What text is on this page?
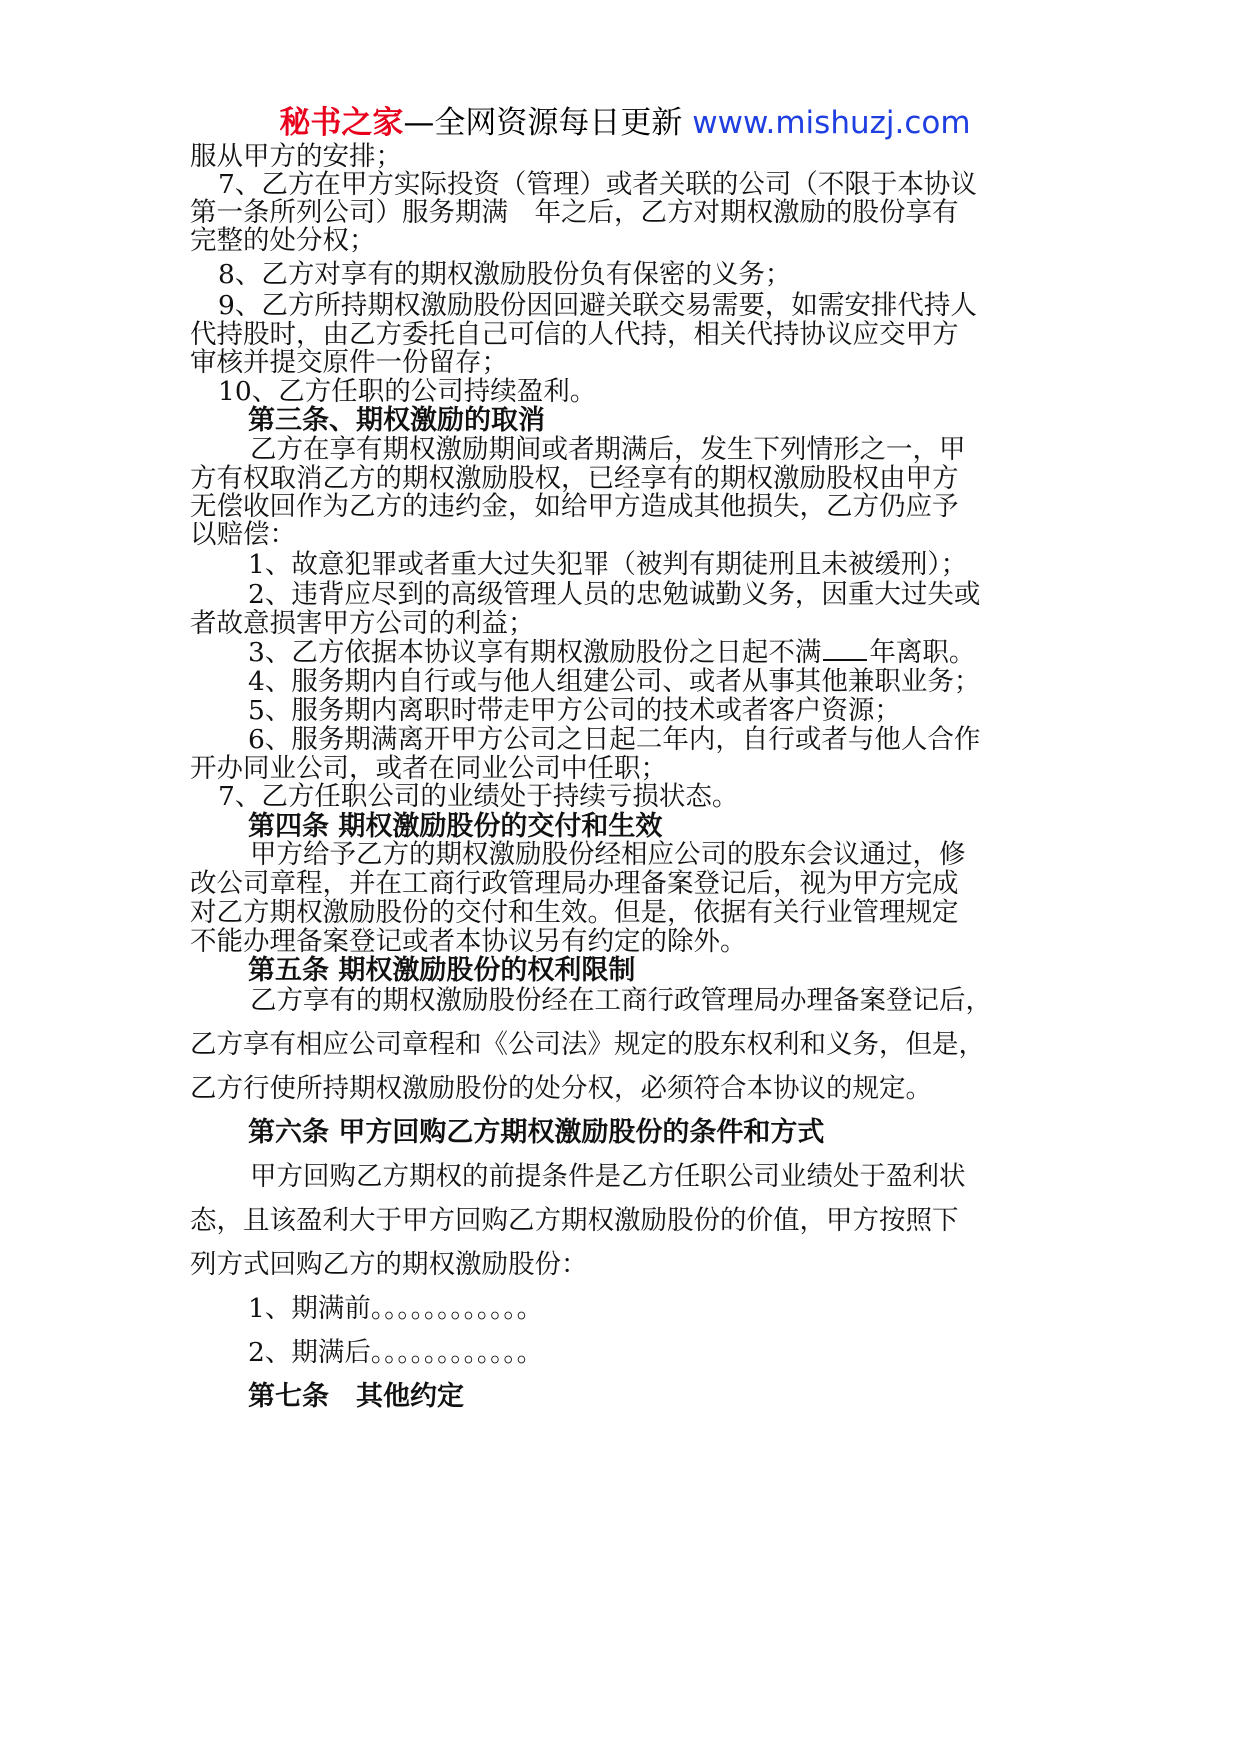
秘书之家—全网资源每日更新 www.mishuzj.com
服从甲方的安排；
7、乙方在甲方实际投资（管理）或者关联的公司（不限于本协议
第一条所列公司）服务期满　年之后，乙方对期权激励的股份享有
完整的处分权；
8、乙方对享有的期权激励股份负有保密的义务；
9、乙方所持期权激励股份因回避关联交易需要，如需安排代持人
代持股时，由乙方委托自己可信的人代持，相关代持协议应交甲方
审核并提交原件一份留存；
10、乙方任职的公司持续盈利。
第三条、期权激励的取消
乙方在享有期权激励期间或者期满后，发生下列情形之一，甲
方有权取消乙方的期权激励股权，已经享有的期权激励股权由甲方
无偿收回作为乙方的违约金，如给甲方造成其他损失，乙方仍应予
以赔偿：
1、故意犯罪或者重大过失犯罪（被判有期徒刑且未被缓刑）；
2、违背应尽到的高级管理人员的忠勉诚勤义务，因重大过失或
者故意损害甲方公司的利益；
3、乙方依据本协议享有期权激励股份之日起不满 年离职。
4、服务期内自行或与他人组建公司、或者从事其他兼职业务；
5、服务期内离职时带走甲方公司的技术或者客户资源；
6、服务期满离开甲方公司之日起二年内，自行或者与他人合作
开办同业公司，或者在同业公司中任职；
7、乙方任职公司的业绩处于持续亏损状态。
第四条 期权激励股份的交付和生效
甲方给予乙方的期权激励股份经相应公司的股东会议通过，修
改公司章程，并在工商行政管理局办理备案登记后，视为甲方完成
对乙方期权激励股份的交付和生效。但是，依据有关行业管理规定
不能办理备案登记或者本协议另有约定的除外。
第五条 期权激励股份的权利限制
乙方享有的期权激励股份经在工商行政管理局办理备案登记后，
乙方享有相应公司章程和《公司法》规定的股东权利和义务，但是，
乙方行使所持期权激励股份的处分权，必须符合本协议的规定。
第六条 甲方回购乙方期权激励股份的条件和方式
甲方回购乙方期权的前提条件是乙方任职公司业绩处于盈利状
态，且该盈利大于甲方回购乙方期权激励股份的价值，甲方按照下
列方式回购乙方的期权激励股份：
1、期满前。。。。。。。。。。。。
2、期满后。。。。。。。。。。。。
第七条　其他约定
